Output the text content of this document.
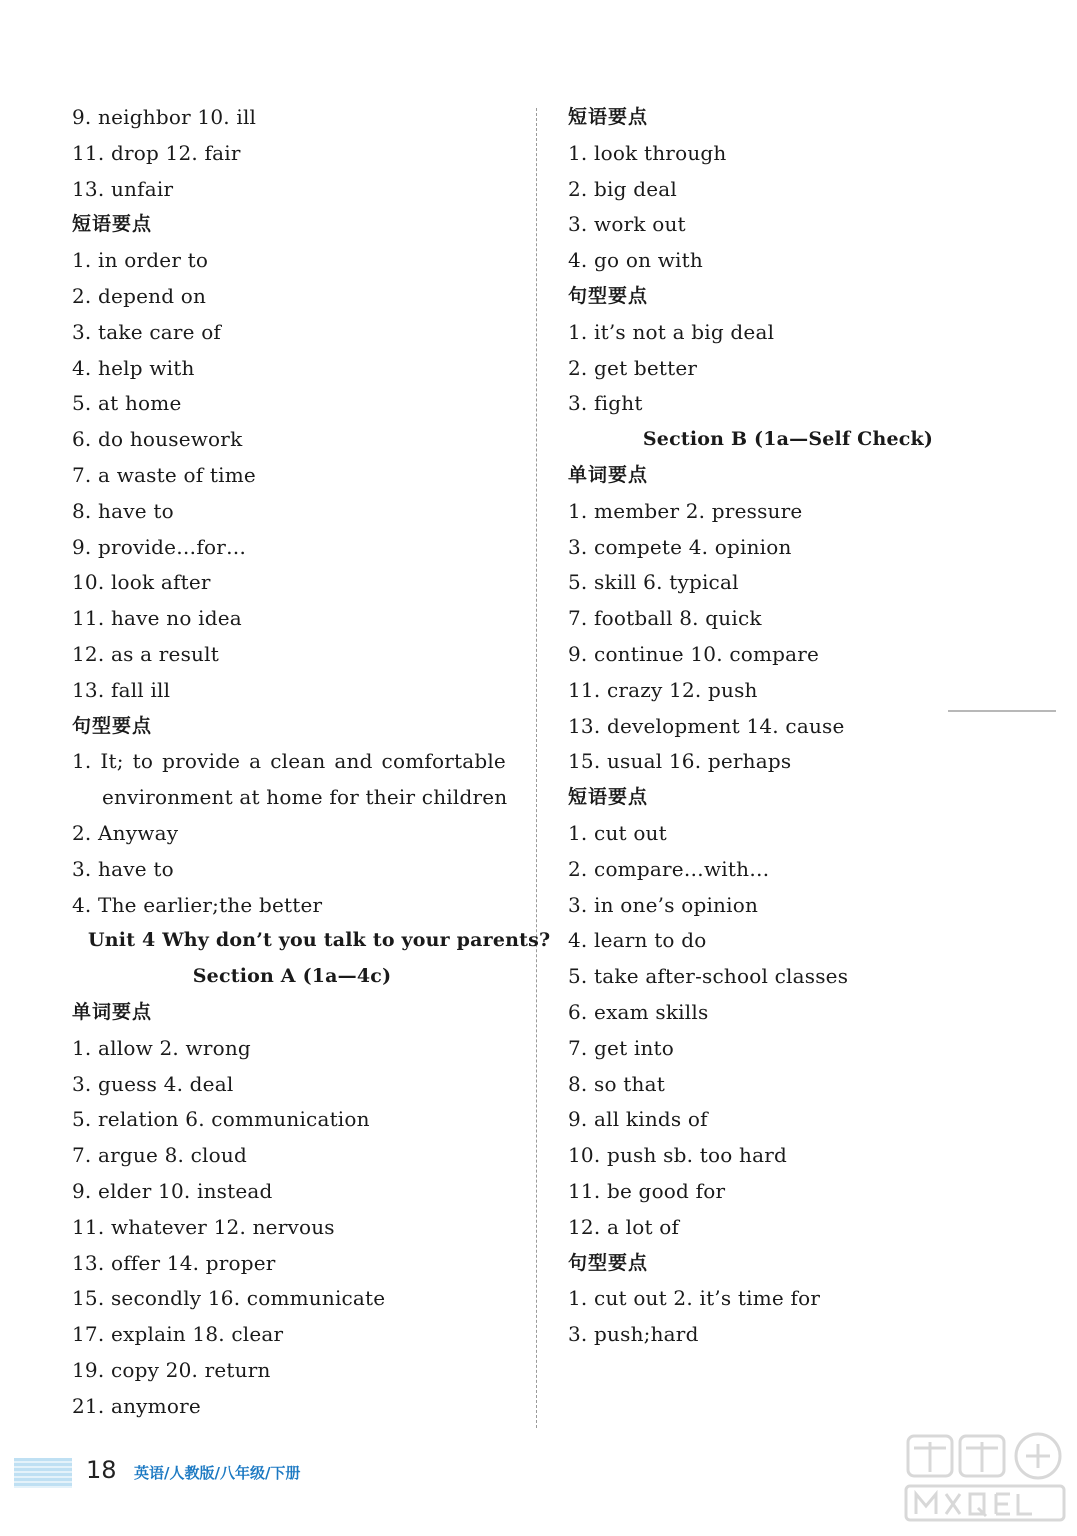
9. neighbor 10. ill
11. drop 12. fair
13. unfair
短语要点
1. in order to
2. depend on
3. take care of
4. help with
5. at home
6. do housework
7. a waste of time
8. have to
9. provide…for…
10. look after
11. have no idea
12. as a result
13. fall ill
句型要点
1. It; to provide a clean and comfortable
environment at home for their children
2. Anyway
3. have to
4. The earlier;the better
Unit 4 Why don’t you talk to your parents?
Section A (1a—4c)
单词要点
1. allow 2. wrong
3. guess 4. deal
5. relation 6. communication
7. argue 8. cloud
9. elder 10. instead
11. whatever 12. nervous
13. offer 14. proper
15. secondly 16. communicate
17. explain 18. clear
19. copy 20. return
21. anymore
短语要点
1. look through
2. big deal
3. work out
4. go on with
句型要点
1. it’s not a big deal
2. get better
3. fight
Section B (1a—Self Check)
单词要点
1. member 2. pressure
3. compete 4. opinion
5. skill 6. typical
7. football 8. quick
9. continue 10. compare
11. crazy 12. push
13. development 14. cause
15. usual 16. perhaps
短语要点
1. cut out
2. compare…with…
3. in one’s opinion
4. learn to do
5. take after-school classes
6. exam skills
7. get into
8. so that
9. all kinds of
10. push sb. too hard
11. be good for
12. a lot of
句型要点
1. cut out 2. it’s time for
3. push;hard
18 英语/人教版/八年级/下册
